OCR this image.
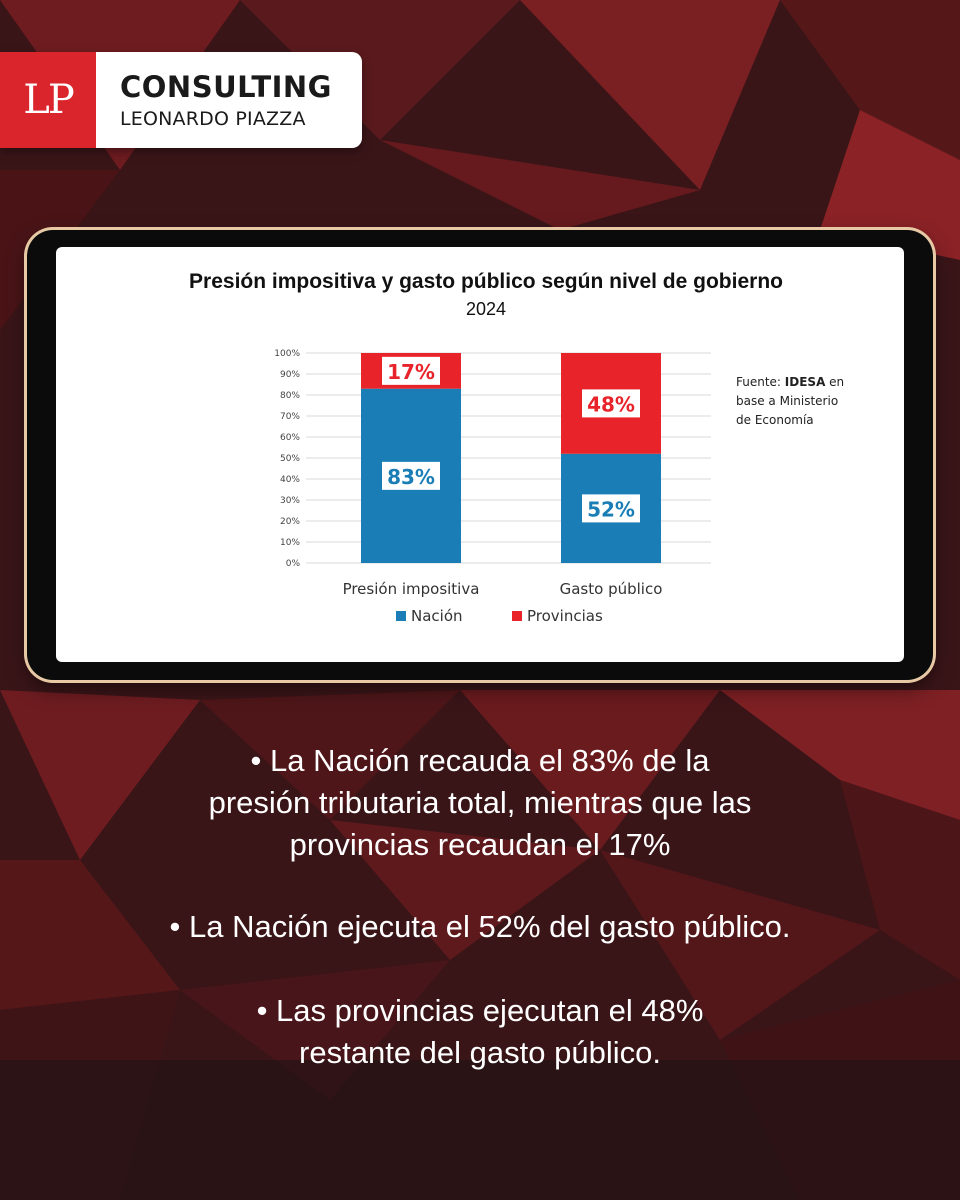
LP	CONSULTING
LEONARDO PIAZZA
Presión impositiva y gasto público según nivel de gobierno
2024
0%
10%
20%
30%
40%
50%
60%
70%
80%
90%
100%
83%
17%
52%
48%
Presión impositiva	Gasto público
Nación	Provincias
Fuente: IDESA en
base a Ministerio
de Economía
• La Nación recauda el 83% de la
presión tributaria total, mientras que las
provincias recaudan el 17%
• La Nación ejecuta el 52% del gasto público.
• Las provincias ejecutan el 48%
restante del gasto público.
